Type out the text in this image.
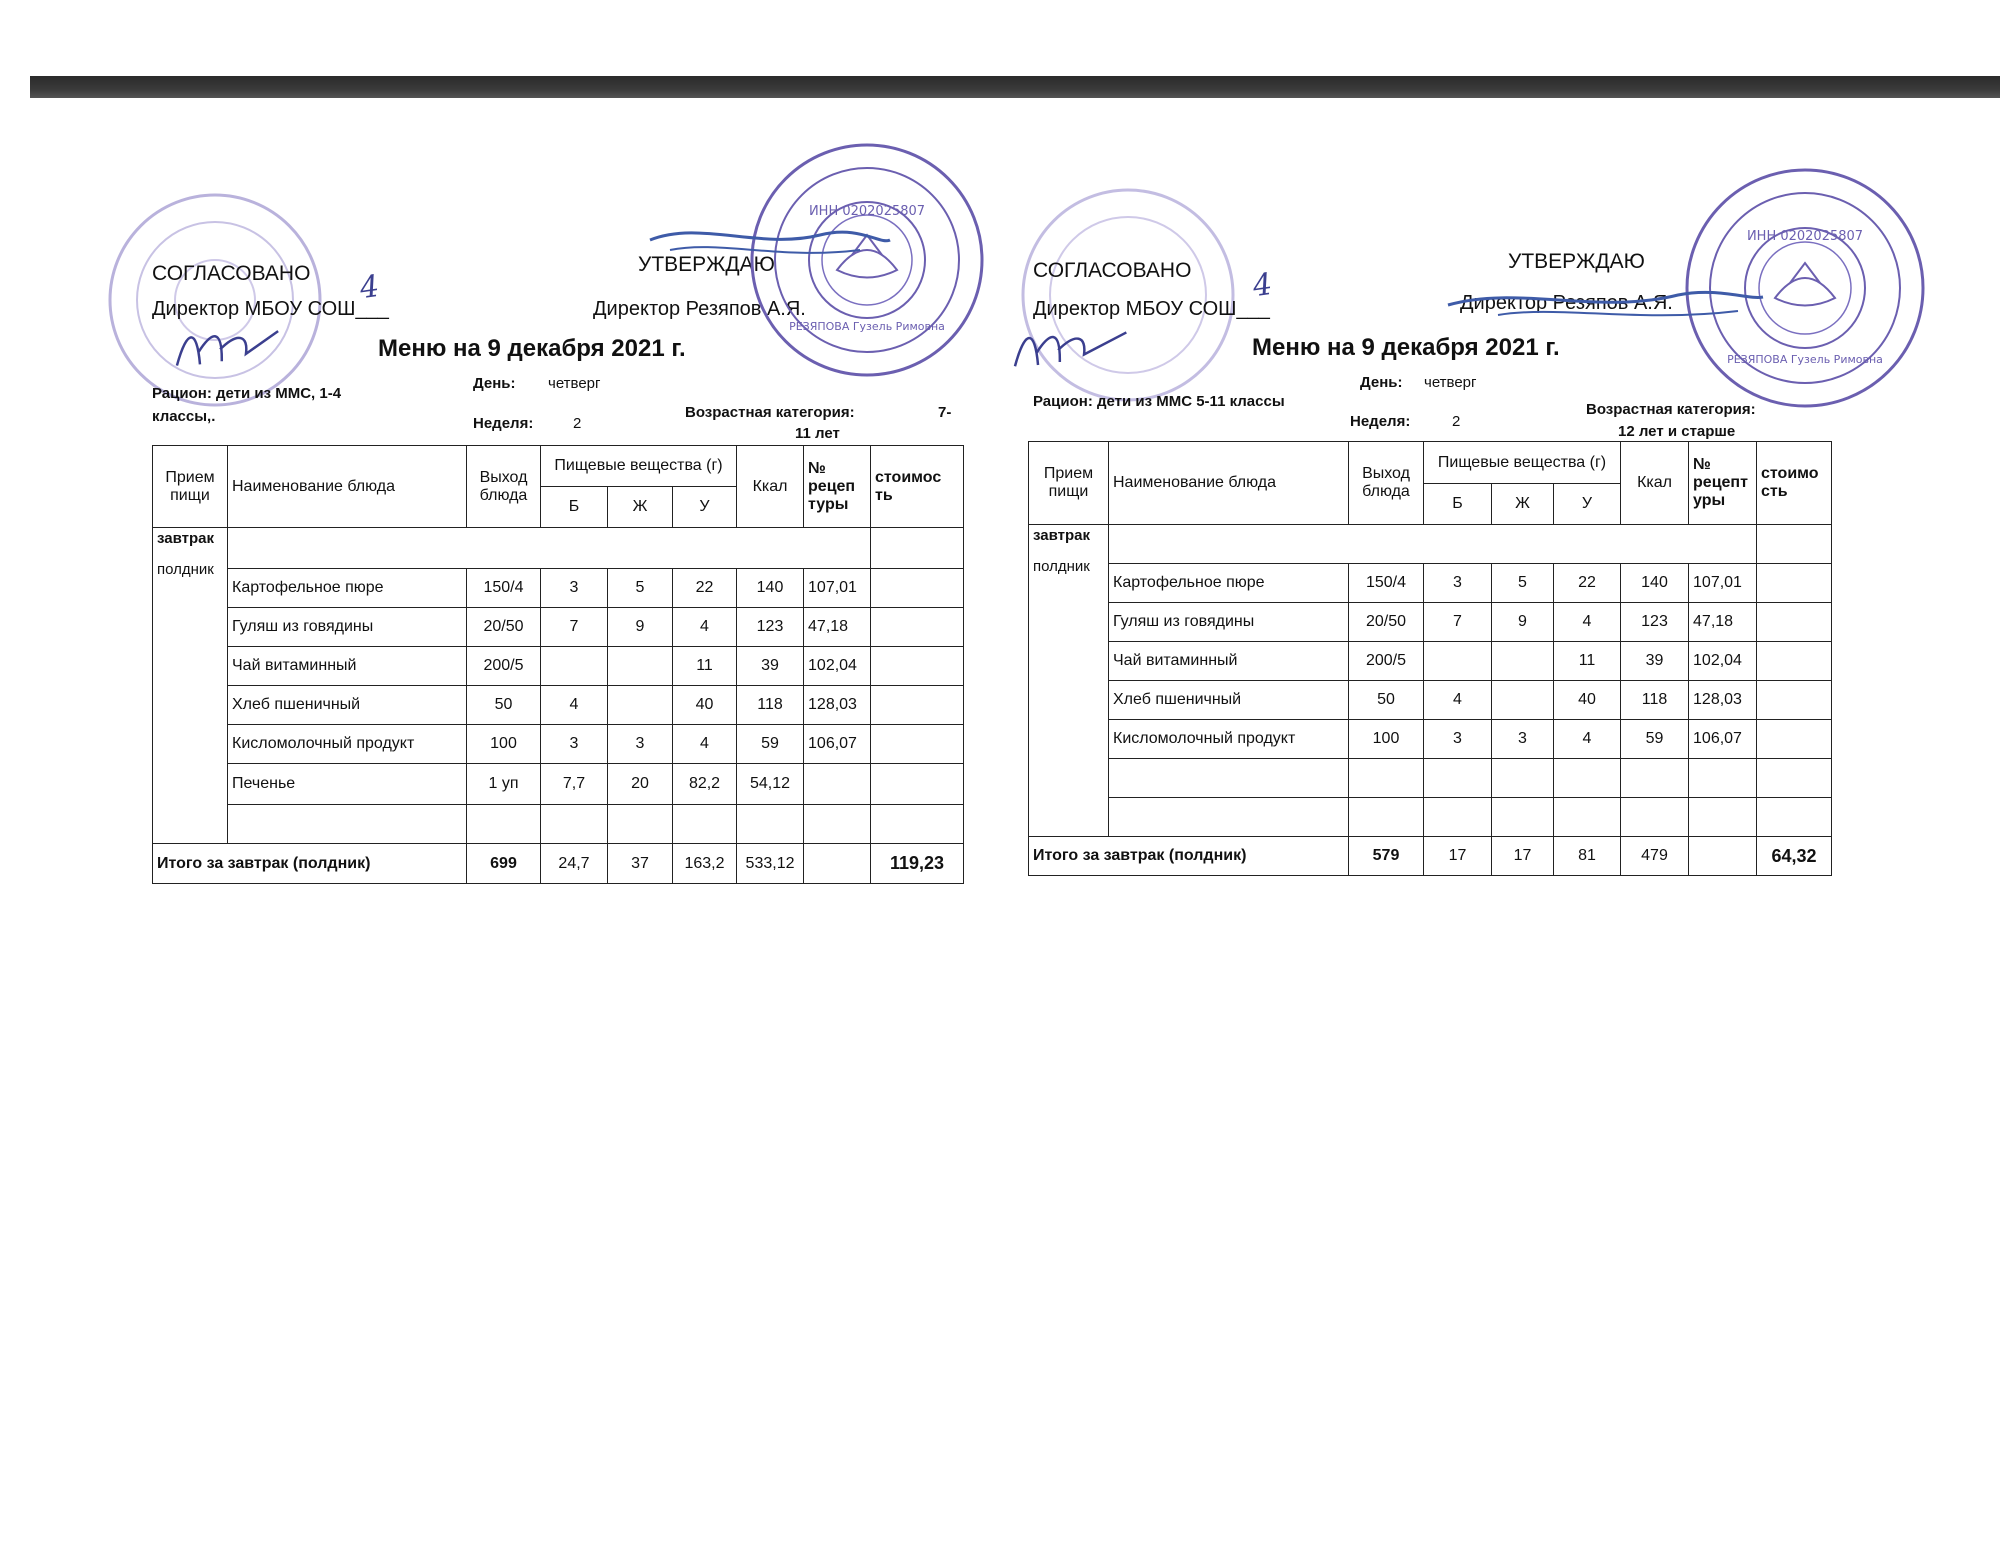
СОГЛАСОВАНО
Директор МБОУ СОШ___
4
УТВЕРЖДАЮ
Директор Резяпов А.Я.
ИНН 0202025807
РЕЗЯПОВА Гузель Римовна
Меню на 9 декабря 2021 г.
Рацион: дети из ММС, 1-4
классы,.
День: четверг
Неделя:	2
Возрастная категория:	7-
11 лет
Прием пищи	Наименование блюда	Выход блюда	Пищевые вещества (г)			Ккал	№ рецеп туры	стоимос ть
			Б	Ж	У			
завтрак
полдник								
	Картофельное пюре	150/4	3	5	22	140	107,01	
	Гуляш из говядины	20/50	7	9	4	123	47,18	
	Чай витаминный	200/5			11	39	102,04	
	Хлеб пшеничный	50	4		40	118	128,03	
	Кисломолочный продукт	100	3	3	4	59	106,07	
	Печенье	1 уп	7,7	20	82,2	54,12		

Итого за завтрак (полдник)		699	24,7	37	163,2	533,12		119,23
СОГЛАСОВАНО
Директор МБОУ СОШ___
4
УТВЕРЖДАЮ
Директор Резяпов А.Я.
ИНН 0202025807
РЕЗЯПОВА Гузель Римовна
Меню на 9 декабря 2021 г.
Рацион: дети из ММС 5-11 классы
День: четверг
Неделя:	2
Возрастная категория:
12 лет и старше
Прием пищи	Наименование блюда	Выход блюда	Пищевые вещества (г)			Ккал	№ рецепт уры	стоимо сть
			Б	Ж	У			
завтрак
полдник								
	Картофельное пюре	150/4	3	5	22	140	107,01	
	Гуляш из говядины	20/50	7	9	4	123	47,18	
	Чай витаминный	200/5			11	39	102,04	
	Хлеб пшеничный	50	4		40	118	128,03	
	Кисломолочный продукт	100	3	3	4	59	106,07	

Итого за завтрак (полдник)		579	17	17	81	479		64,32
